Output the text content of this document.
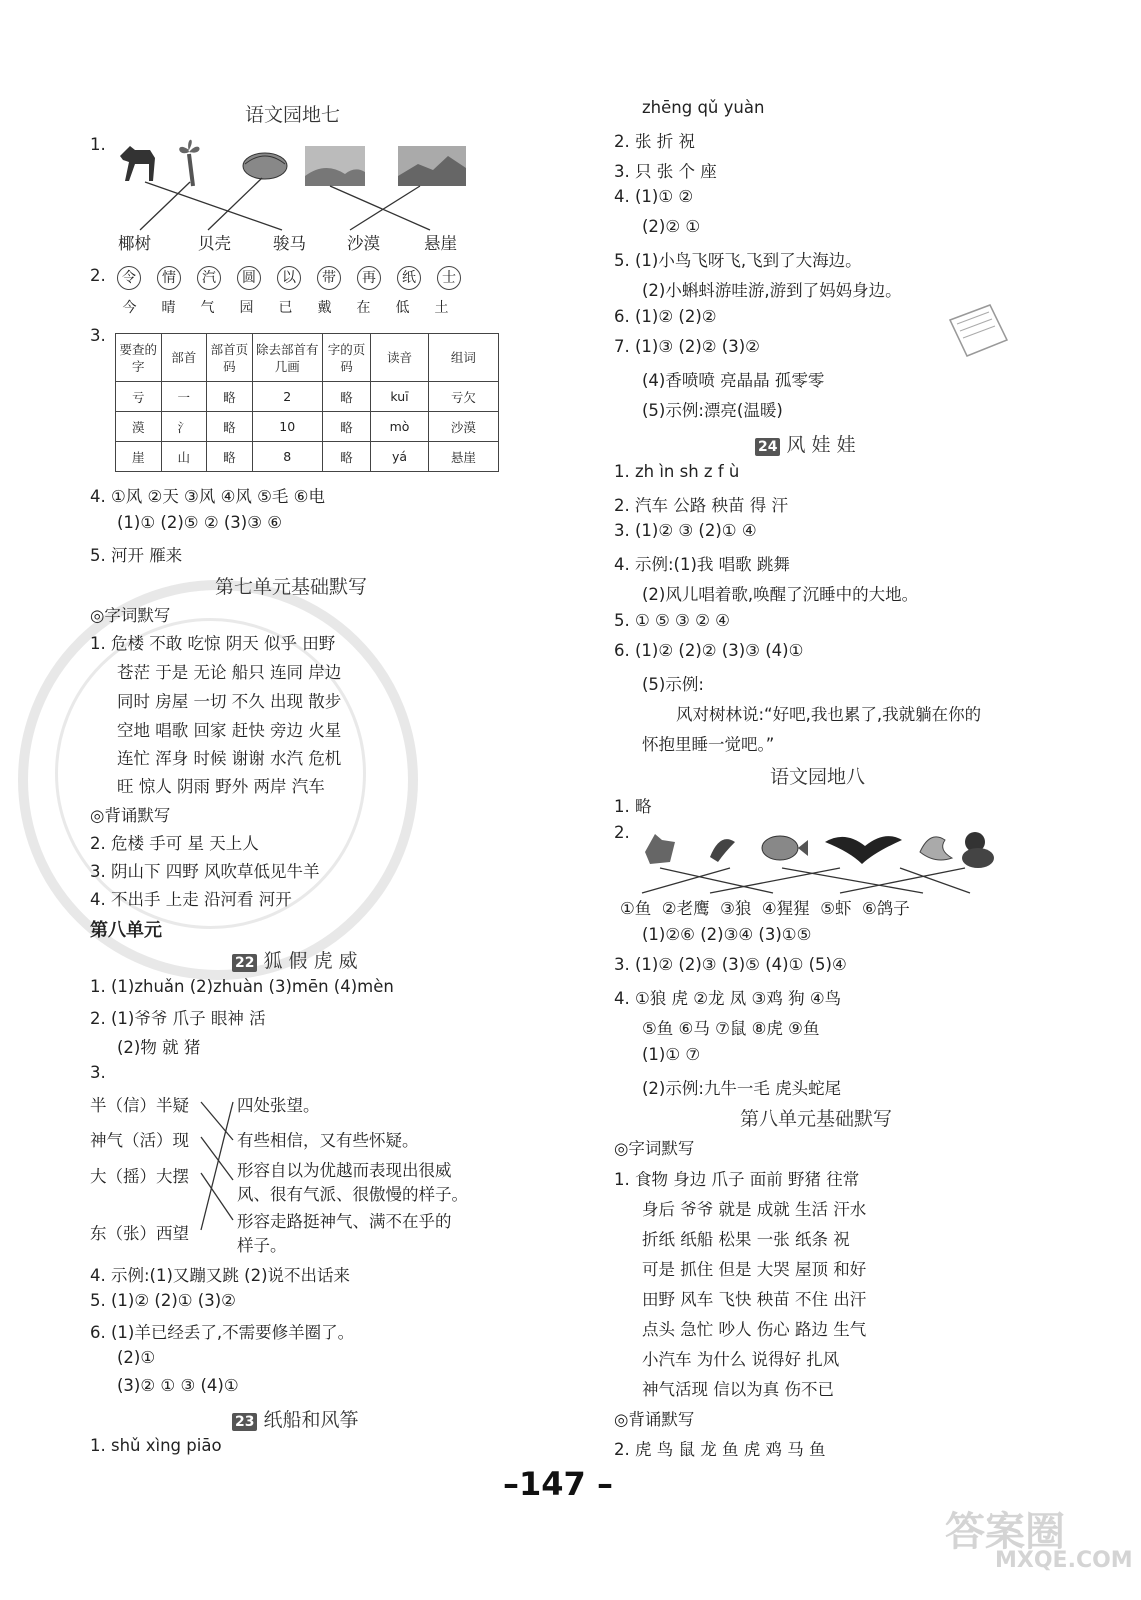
语文园地七
1.
椰树	贝壳	骏马 沙漠	悬崖
2.	令 情 汽 圆 以 带 再 纸 士
今 晴 气 园 已 戴 在 低 土
3.
要查的字	部首	部首页码	除去部首有几画	字的页码	读音	组词
亏	一	略	2	略	kuī	亏欠
漠	氵	略	10	略	mò	沙漠
崖	山	略	8	略	yá	悬崖
4. ①风 ②天 ③风 ④风 ⑤毛 ⑥电
(1)① (2)⑤ ② (3)③ ⑥
5. 河开 雁来
第七单元基础默写
◎字词默写
1. 危楼 不敢 吃惊 阴天 似乎 田野
苍茫 于是 无论 船只 连同 岸边
同时 房屋 一切 不久 出现 散步
空地 唱歌 回家 赶快 旁边 火星
连忙 浑身 时候 谢谢 水汽 危机
旺 惊人 阴雨 野外 两岸 汽车
◎背诵默写
2. 危楼 手可 星 天上人
3. 阴山下 四野 风吹草低见牛羊
4. 不出手 上走 沿河看 河开
第八单元
22 狐 假 虎 威
1. (1)zhuǎn (2)zhuàn (3)mēn (4)mèn
2. (1)爷爷 爪子 眼神 活
(2)物 就 猪
3.
半（信）半疑
神气（活）现
大（摇）大摆
东（张）西望
四处张望。
有些相信，又有些怀疑。
形容自以为优越而表现出很威
风、很有气派、很傲慢的样子。
形容走路挺神气、满不在乎的
样子。
4. 示例:(1)又蹦又跳 (2)说不出话来
5. (1)② (2)① (3)②
6. (1)羊已经丢了,不需要修羊圈了。
(2)①
(3)② ① ③ (4)①
23 纸船和风筝
1. shǔ xìng piāo
zhēng qǔ yuàn
2. 张 折 祝
3. 只 张 个 座
4. (1)① ②
(2)② ①
5. (1)小鸟飞呀飞,飞到了大海边。
(2)小蝌蚪游哇游,游到了妈妈身边。
6. (1)② (2)②
7. (1)③ (2)② (3)②
(4)香喷喷 亮晶晶 孤零零
(5)示例:漂亮(温暖)
24 风 娃 娃
1. zh ìn sh z f ù
2. 汽车 公路 秧苗 得 汗
3. (1)② ③ (2)① ④
4. 示例:(1)我 唱歌 跳舞
(2)风儿唱着歌,唤醒了沉睡中的大地。
5. ① ⑤ ③ ② ④
6. (1)② (2)② (3)③ (4)①
(5)示例:
风对树林说:“好吧,我也累了,我就躺在你的
怀抱里睡一觉吧。”
语文园地八
1. 略
2.
①鱼 ②老鹰 ③狼 ④猩猩 ⑤虾 ⑥鸽子
(1)②⑥ (2)③④ (3)①⑤
3. (1)② (2)③ (3)⑤ (4)① (5)④
4. ①狼 虎 ②龙 凤 ③鸡 狗 ④鸟
⑤鱼 ⑥马 ⑦鼠 ⑧虎 ⑨鱼
(1)① ⑦
(2)示例:九牛一毛 虎头蛇尾
第八单元基础默写
◎字词默写
1. 食物 身边 爪子 面前 野猪 往常
身后 爷爷 就是 成就 生活 汗水
折纸 纸船 松果 一张 纸条 祝
可是 抓住 但是 大哭 屋顶 和好
田野 风车 飞快 秧苗 不住 出汗
点头 急忙 吵人 伤心 路边 生气
小汽车 为什么 说得好 扎风
神气活现 信以为真 伤不已
◎背诵默写
2. 虎 鸟 鼠 龙 鱼 虎 鸡 马 鱼
–147 –
答案圈
MXQE.COM
